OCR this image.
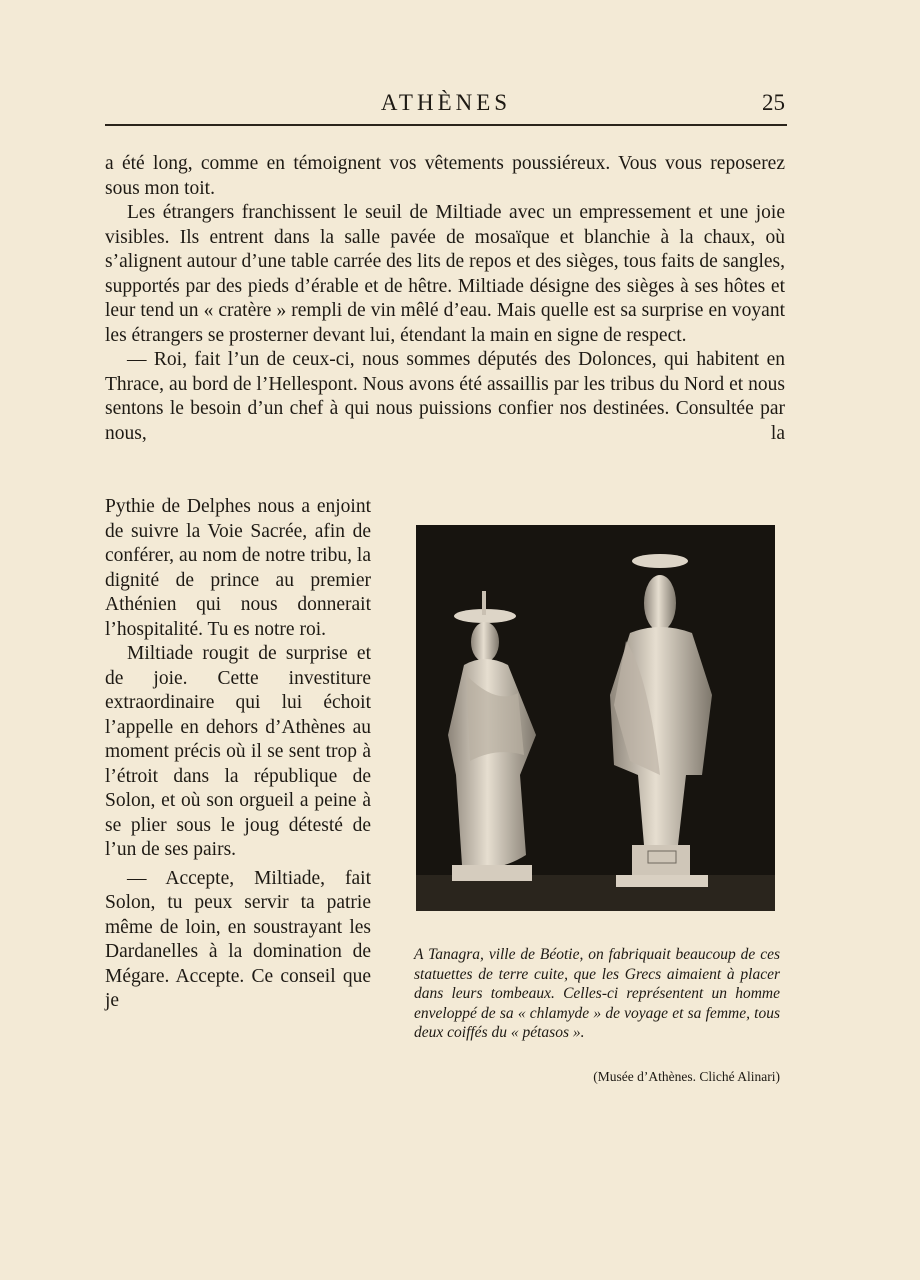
ATHÈNES	25

a été long, comme en témoignent vos vêtements poussiéreux. Vous vous reposerez sous mon toit.

Les étrangers franchissent le seuil de Miltiade avec un empressement et une joie visibles. Ils entrent dans la salle pavée de mosaïque et blanchie à la chaux, où s’alignent autour d’une table carrée des lits de repos et des sièges, tous faits de sangles, supportés par des pieds d’érable et de hêtre. Miltiade désigne des sièges à ses hôtes et leur tend un « cratère » rempli de vin mêlé d’eau. Mais quelle est sa surprise en voyant les étrangers se prosterner devant lui, étendant la main en signe de respect.

— Roi, fait l’un de ceux-ci, nous sommes députés des Dolonces, qui habitent en Thrace, au bord de l’Hellespont. Nous avons été assaillis par les tribus du Nord et nous sentons le besoin d’un chef à qui nous puissions confier nos destinées. Consultée par nous, la

Pythie de Delphes nous a enjoint de suivre la Voie Sacrée, afin de conférer, au nom de notre tribu, la dignité de prince au premier Athénien qui nous donnerait l’hospitalité. Tu es notre roi.

Miltiade rougit de surprise et de joie. Cette investiture extraordinaire qui lui échoit l’appelle en dehors d’Athènes au moment précis où il se sent trop à l’étroit dans la république de Solon, et où son orgueil a peine à se plier sous le joug détesté de l’un de ses pairs.

— Accepte, Miltiade, fait Solon, tu peux servir ta patrie même de loin, en soustrayant les Dardanelles à la domination de Mégare. Accepte. Ce conseil que je

A Tanagra, ville de Béotie, on fabriquait beaucoup de ces statuettes de terre cuite, que les Grecs aimaient à placer dans leurs tombeaux. Celles-ci représentent un homme enveloppé de sa « chlamyde » de voyage et sa femme, tous deux coiffés du « pétasos ».

(Musée d’Athènes. Cliché Alinari)
